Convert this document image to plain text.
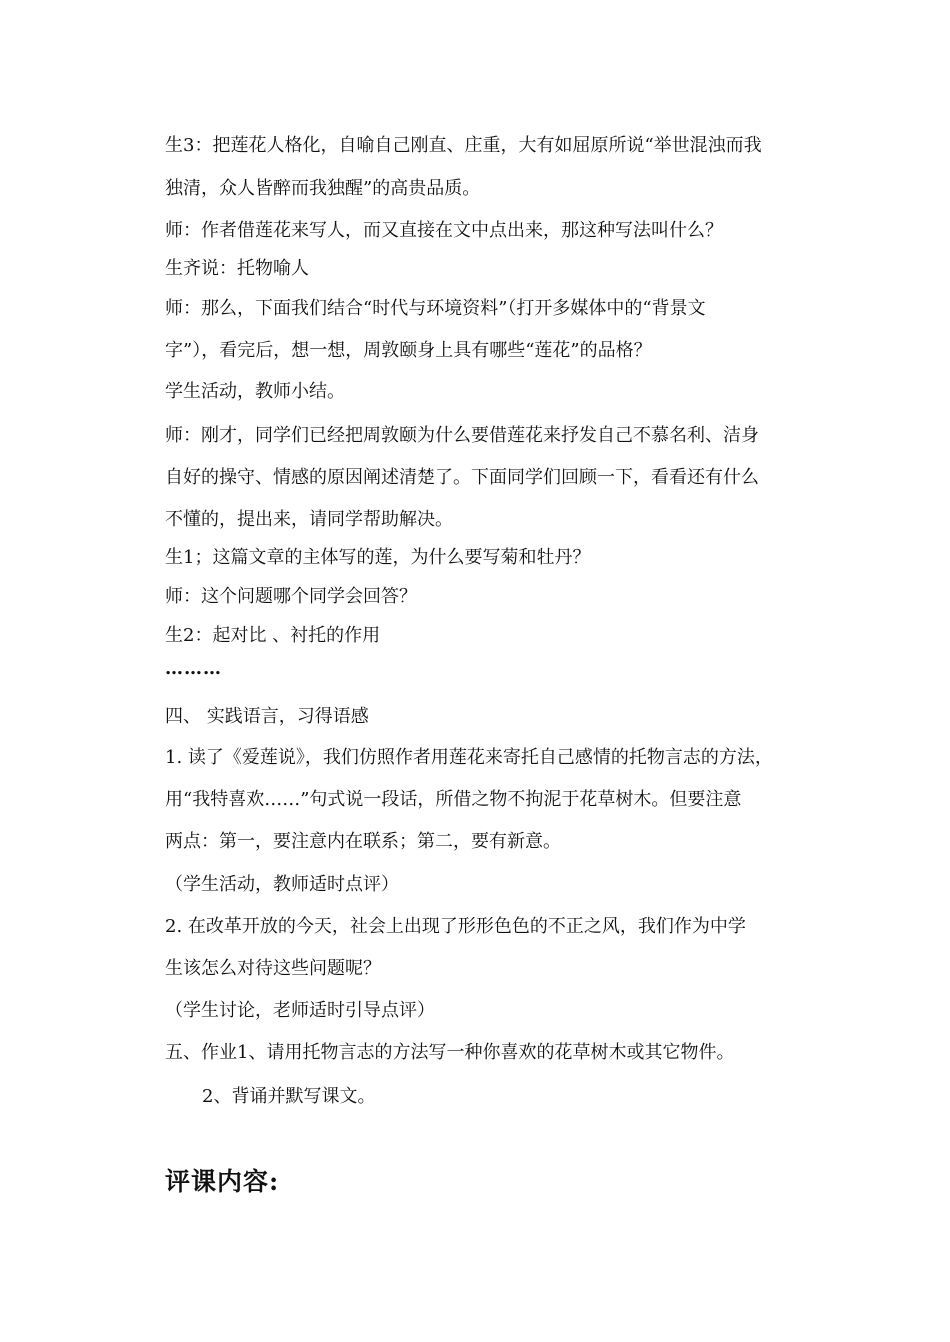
生3：把莲花人格化，自喻自己刚直、庄重，大有如屈原所说“举世混浊而我
独清，众人皆醉而我独醒”的高贵品质。
师：作者借莲花来写人，而又直接在文中点出来，那这种写法叫什么？
生齐说：托物喻人
师：那么，下面我们结合“时代与环境资料”（打开多媒体中的“背景文
字”），看完后，想一想，周敦颐身上具有哪些“莲花”的品格？
学生活动，教师小结。
师：刚才，同学们已经把周敦颐为什么要借莲花来抒发自己不慕名利、洁身
自好的操守、情感的原因阐述清楚了。下面同学们回顾一下，看看还有什么
不懂的，提出来，请同学帮助解决。
生1；这篇文章的主体写的莲，为什么要写菊和牡丹？
师：这个问题哪个同学会回答？
生2：起对比 、衬托的作用
………
四、 实践语言，习得语感
1. 读了《爱莲说》，我们仿照作者用莲花来寄托自己感情的托物言志的方法，
用“我特喜欢……”句式说一段话，所借之物不拘泥于花草树木。但要注意
两点：第一，要注意内在联系；第二，要有新意。
（学生活动，教师适时点评）
2. 在改革开放的今天，社会上出现了形形色色的不正之风，我们作为中学
生该怎么对待这些问题呢？
（学生讨论，老师适时引导点评）
五、作业1、请用托物言志的方法写一种你喜欢的花草树木或其它物件。
2、背诵并默写课文。
评课内容:
